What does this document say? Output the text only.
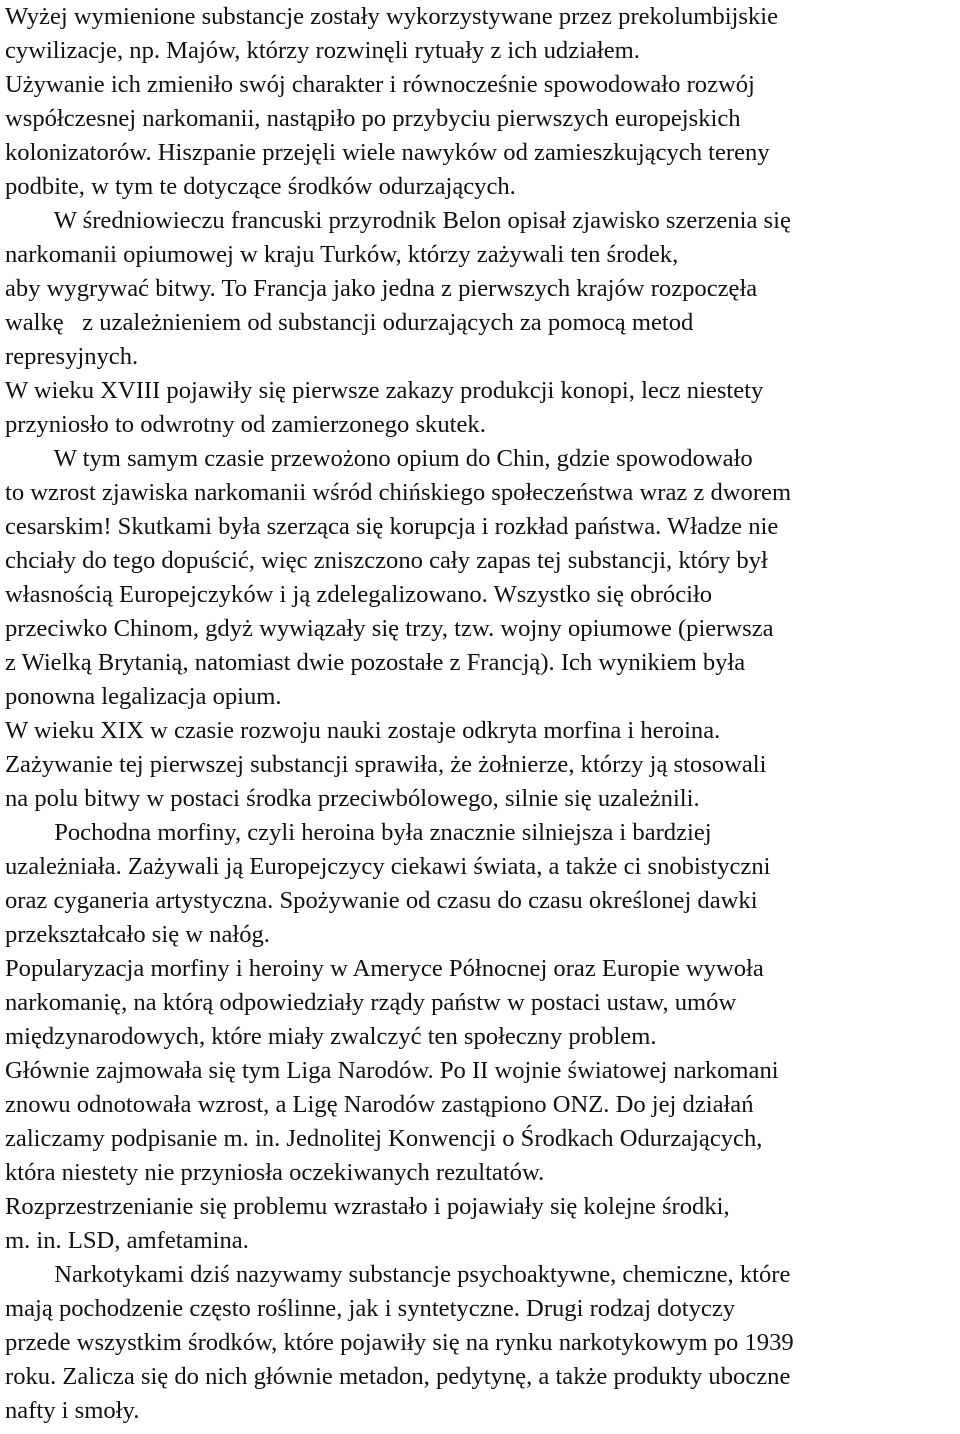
Wyżej wymienione substancje zostały wykorzystywane przez prekolumbijskie
cywilizacje, np. Majów, którzy rozwinęli rytuały z ich udziałem.
Używanie ich zmieniło swój charakter i równocześnie spowodowało rozwój
współczesnej narkomanii, nastąpiło po przybyciu pierwszych europejskich
kolonizatorów. Hiszpanie przejęli wiele nawyków od zamieszkujących tereny
podbite, w tym te dotyczące środków odurzających.
W średniowieczu francuski przyrodnik Belon opisał zjawisko szerzenia się
narkomanii opiumowej w kraju Turków, którzy zażywali ten środek,
aby wygrywać bitwy. To Francja jako jedna z pierwszych krajów rozpoczęła
walkę   z uzależnieniem od substancji odurzających za pomocą metod
represyjnych.
W wieku XVIII pojawiły się pierwsze zakazy produkcji konopi, lecz niestety
przyniosło to odwrotny od zamierzonego skutek.
W tym samym czasie przewożono opium do Chin, gdzie spowodowało
to wzrost zjawiska narkomanii wśród chińskiego społeczeństwa wraz z dworem
cesarskim! Skutkami była szerząca się korupcja i rozkład państwa. Władze nie
chciały do tego dopuścić, więc zniszczono cały zapas tej substancji, który był
własnością Europejczyków i ją zdelegalizowano. Wszystko się obróciło
przeciwko Chinom, gdyż wywiązały się trzy, tzw. wojny opiumowe (pierwsza
z Wielką Brytanią, natomiast dwie pozostałe z Francją). Ich wynikiem była
ponowna legalizacja opium.
W wieku XIX w czasie rozwoju nauki zostaje odkryta morfina i heroina.
Zażywanie tej pierwszej substancji sprawiła, że żołnierze, którzy ją stosowali
na polu bitwy w postaci środka przeciwbólowego, silnie się uzależnili.
Pochodna morfiny, czyli heroina była znacznie silniejsza i bardziej
uzależniała. Zażywali ją Europejczycy ciekawi świata, a także ci snobistyczni
oraz cyganeria artystyczna. Spożywanie od czasu do czasu określonej dawki
przekształcało się w nałóg.
Popularyzacja morfiny i heroiny w Ameryce Północnej oraz Europie wywoła
narkomanię, na którą odpowiedziały rządy państw w postaci ustaw, umów
międzynarodowych, które miały zwalczyć ten społeczny problem.
Głównie zajmowała się tym Liga Narodów. Po II wojnie światowej narkomani
znowu odnotowała wzrost, a Ligę Narodów zastąpiono ONZ. Do jej działań
zaliczamy podpisanie m. in. Jednolitej Konwencji o Środkach Odurzających,
która niestety nie przyniosła oczekiwanych rezultatów.
Rozprzestrzenianie się problemu wzrastało i pojawiały się kolejne środki,
m. in. LSD, amfetamina.
Narkotykami dziś nazywamy substancje psychoaktywne, chemiczne, które
mają pochodzenie często roślinne, jak i syntetyczne. Drugi rodzaj dotyczy
przede wszystkim środków, które pojawiły się na rynku narkotykowym po 1939
roku. Zalicza się do nich głównie metadon, pedytynę, a także produkty uboczne
nafty i smoły.
